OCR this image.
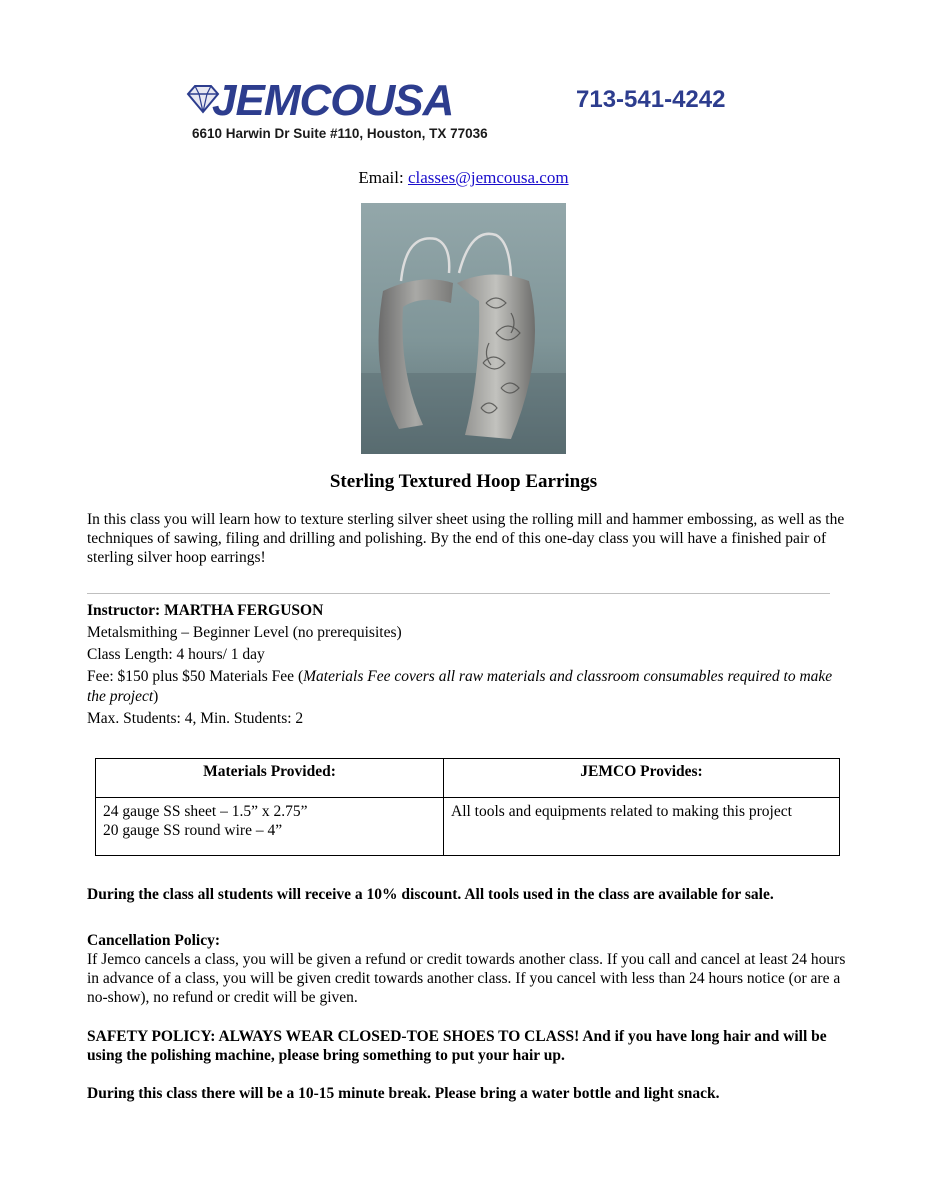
JEMCOUSA
6610 Harwin Dr Suite #110, Houston, TX 77036
713-541-4242
Email: classes@jemcousa.com
Sterling Textured Hoop Earrings
In this class you will learn how to texture sterling silver sheet using the rolling mill and hammer embossing, as well as the techniques of sawing, filing and drilling and polishing. By the end of this one-day class you will have a finished pair of sterling silver hoop earrings!

Instructor: MARTHA FERGUSON

Metalsmithing – Beginner Level (no prerequisites)

Class Length: 4 hours/ 1 day

Fee: $150 plus $50 Materials Fee (Materials Fee covers all raw materials and classroom consumables required to make the project)

Max. Students: 4, Min. Students: 2

Materials Provided:	JEMCO Provides:

24 gauge SS sheet – 1.5” x 2.75”
20 gauge SS round wire – 4”	All tools and equipments related to making this project
During the class all students will receive a 10% discount. All tools used in the class are available for sale.
Cancellation Policy:
If Jemco cancels a class, you will be given a refund or credit towards another class. If you call and cancel at least 24 hours in advance of a class, you will be given credit towards another class. If you cancel with less than 24 hours notice (or are a no-show), no refund or credit will be given.
SAFETY POLICY: ALWAYS WEAR CLOSED-TOE SHOES TO CLASS! And if you have long hair and will be using the polishing machine, please bring something to put your hair up.
During this class there will be a 10-15 minute break. Please bring a water bottle and light snack.
